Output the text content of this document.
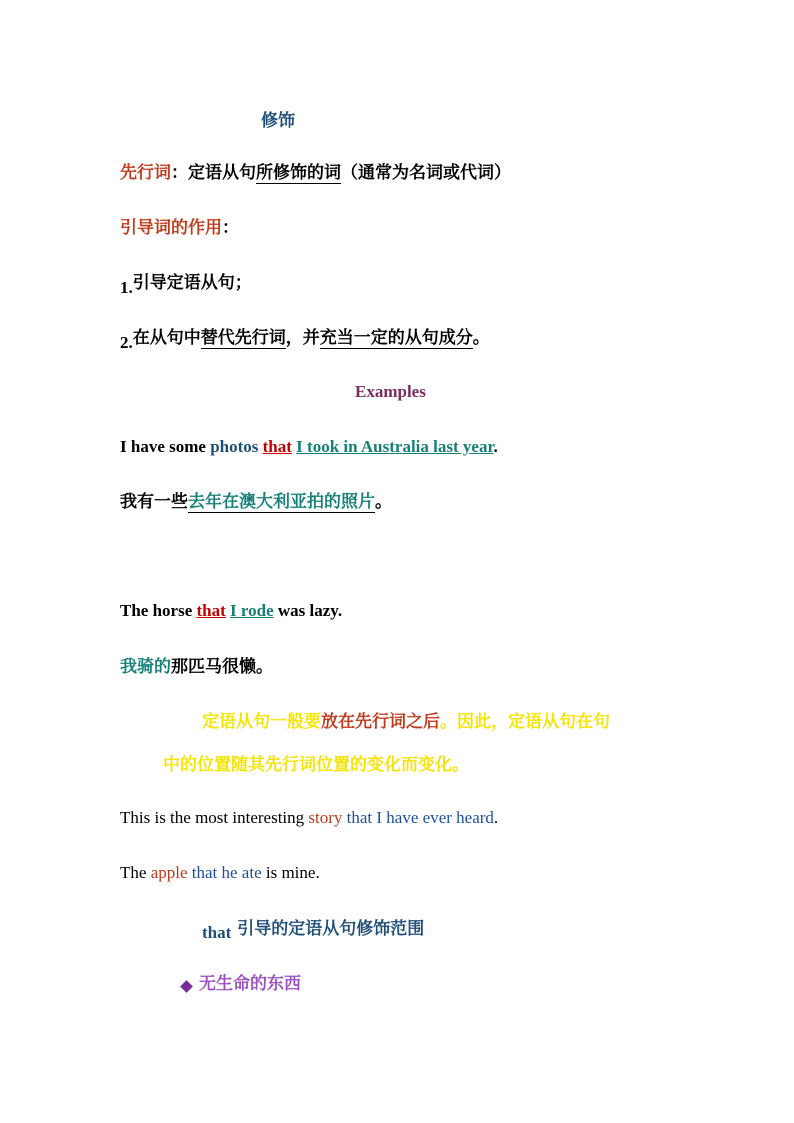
修饰
先行词：定语从句所修饰的词（通常为名词或代词）
引导词的作用：
1.引导定语从句；
2.在从句中替代先行词，并充当一定的从句成分。
Examples
I have some photos that I took in Australia last year.
我有一些去年在澳大利亚拍的照片。
The horse that I rode was lazy.
我骑的那匹马很懒。
定语从句一般要放在先行词之后。因此，定语从句在句
中的位置随其先行词位置的变化而变化。
This is the most interesting story that I have ever heard.
The apple that he ate is mine.
that 引导的定语从句修饰范围
无生命的东西
